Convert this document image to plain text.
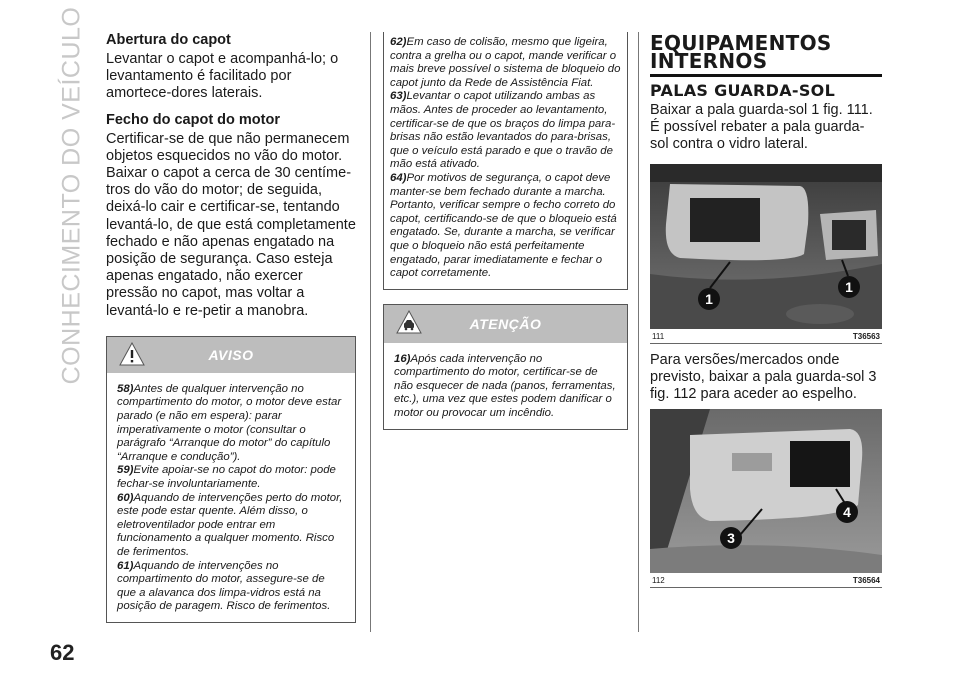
CONHECIMENTO DO VEÍCULO Abertura do capot
Levantar o capot e acompanhá-lo; o levantamento é facilitado por amortece-dores laterais.
Fecho do capot do motor
Certificar-se de que não permanecem objetos esquecidos no vão do motor. Baixar o capot a cerca de 30 centíme-tros do vão do motor; de seguida, deixá-lo cair e certificar-se, tentando levantá-lo, de que está completamente fechado e não apenas engatado na posição de segurança. Caso esteja apenas engatado, não exercer pressão no capot, mas voltar a levantá-lo e re-petir a manobra.
AVISO

58)Antes de qualquer intervenção no compartimento do motor, o motor deve estar parado (e não em espera): parar imperativamente o motor (consultar o parágrafo “Arranque do motor” do capítulo “Arranque e condução”).

59)Evite apoiar-se no capot do motor: pode fechar-se involuntariamente.

60)Aquando de intervenções perto do motor, este pode estar quente. Além disso, o eletroventilador pode entrar em funcionamento a qualquer momento. Risco de ferimentos.

61)Aquando de intervenções no compartimento do motor, assegure-se de que a alavanca dos limpa-vidros está na posição de paragem. Risco de ferimentos.

62)Em caso de colisão, mesmo que ligeira, contra a grelha ou o capot, mande verificar o mais breve possível o sistema de bloqueio do capot junto da Rede de Assistência Fiat.

63)Levantar o capot utilizando ambas as mãos. Antes de proceder ao levantamento, certificar-se de que os braços do limpa para-brisas não estão levantados do para-brisas, que o veículo está parado e que o travão de mão está ativado.

64)Por motivos de segurança, o capot deve manter-se bem fechado durante a marcha. Portanto, verificar sempre o fecho correto do capot, certificando-se de que o bloqueio está engatado. Se, durante a marcha, se verificar que o bloqueio não está perfeitamente engatado, parar imediatamente e fechar o capot corretamente.

ATENÇÃO

16)Após cada intervenção no compartimento do motor, certificar-se de não esquecer de nada (panos, ferramentas, etc.), uma vez que estes podem danificar o motor ou provocar um incêndio.

EQUIPAMENTOS INTERNOS
PALAS GUARDA-SOL
Baixar a pala guarda-sol 1 fig. 111. É possível rebater a pala guarda-sol contra o vidro lateral.
1
1
111	T36563
Para versões/mercados onde previsto, baixar a pala guarda-sol 3 fig. 112 para aceder ao espelho.
3
4
112	T36564
62
